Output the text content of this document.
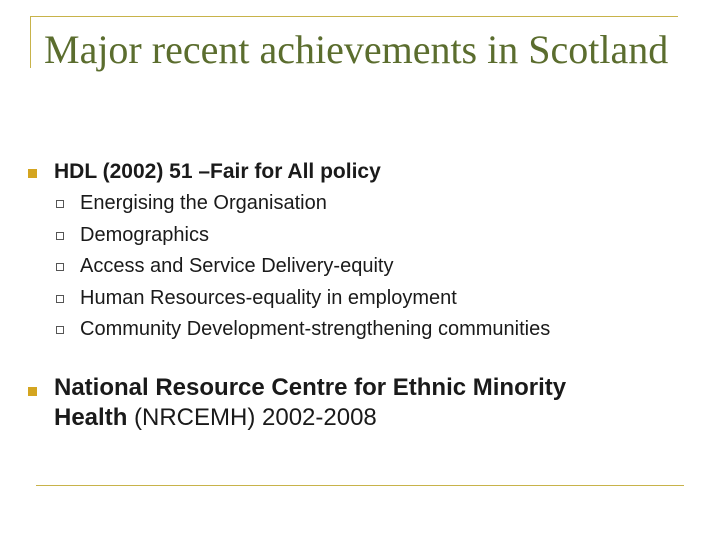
Major recent achievements in Scotland
HDL (2002) 51 –Fair for All policy
Energising the Organisation
Demographics
Access and Service Delivery-equity
Human Resources-equality in employment
Community Development-strengthening communities
National Resource Centre for Ethnic Minority
Health (NRCEMH) 2002-2008
